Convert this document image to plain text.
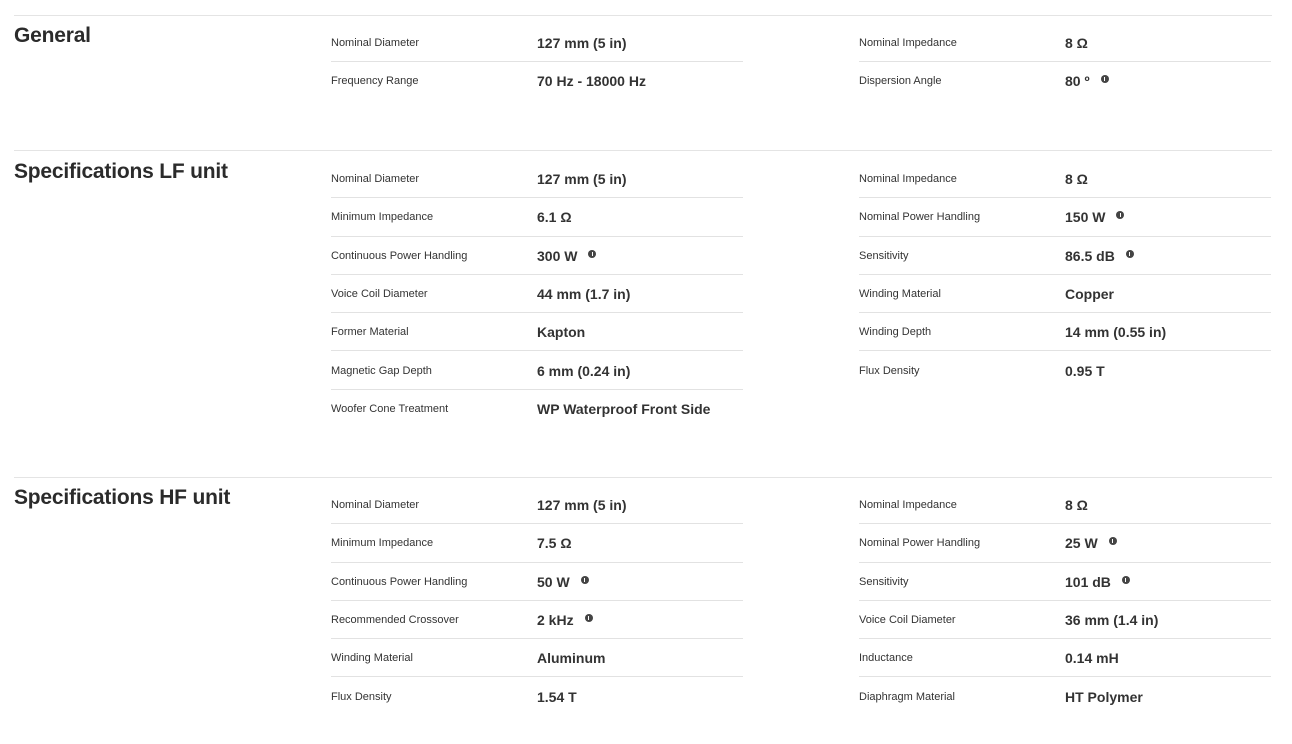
General	Nominal Diameter	127 mm (5 in)
Frequency Range	70 Hz - 18000 Hz
Nominal Impedance	8 Ω
Dispersion Angle	80 º
Specifications LF unit	Nominal Diameter	127 mm (5 in)
Minimum Impedance	6.1 Ω
Continuous Power Handling	300 W
Voice Coil Diameter	44 mm (1.7 in)
Former Material	Kapton
Magnetic Gap Depth	6 mm (0.24 in)
Woofer Cone Treatment	WP Waterproof Front Side
Nominal Impedance	8 Ω
Nominal Power Handling	150 W
Sensitivity	86.5 dB
Winding Material	Copper
Winding Depth	14 mm (0.55 in)
Flux Density	0.95 T
Specifications HF unit	Nominal Diameter	127 mm (5 in)
Minimum Impedance	7.5 Ω
Continuous Power Handling	50 W
Recommended Crossover	2 kHz
Winding Material	Aluminum
Flux Density	1.54 T
Nominal Impedance	8 Ω
Nominal Power Handling	25 W
Sensitivity	101 dB
Voice Coil Diameter	36 mm (1.4 in)
Inductance	0.14 mH
Diaphragm Material	HT Polymer
